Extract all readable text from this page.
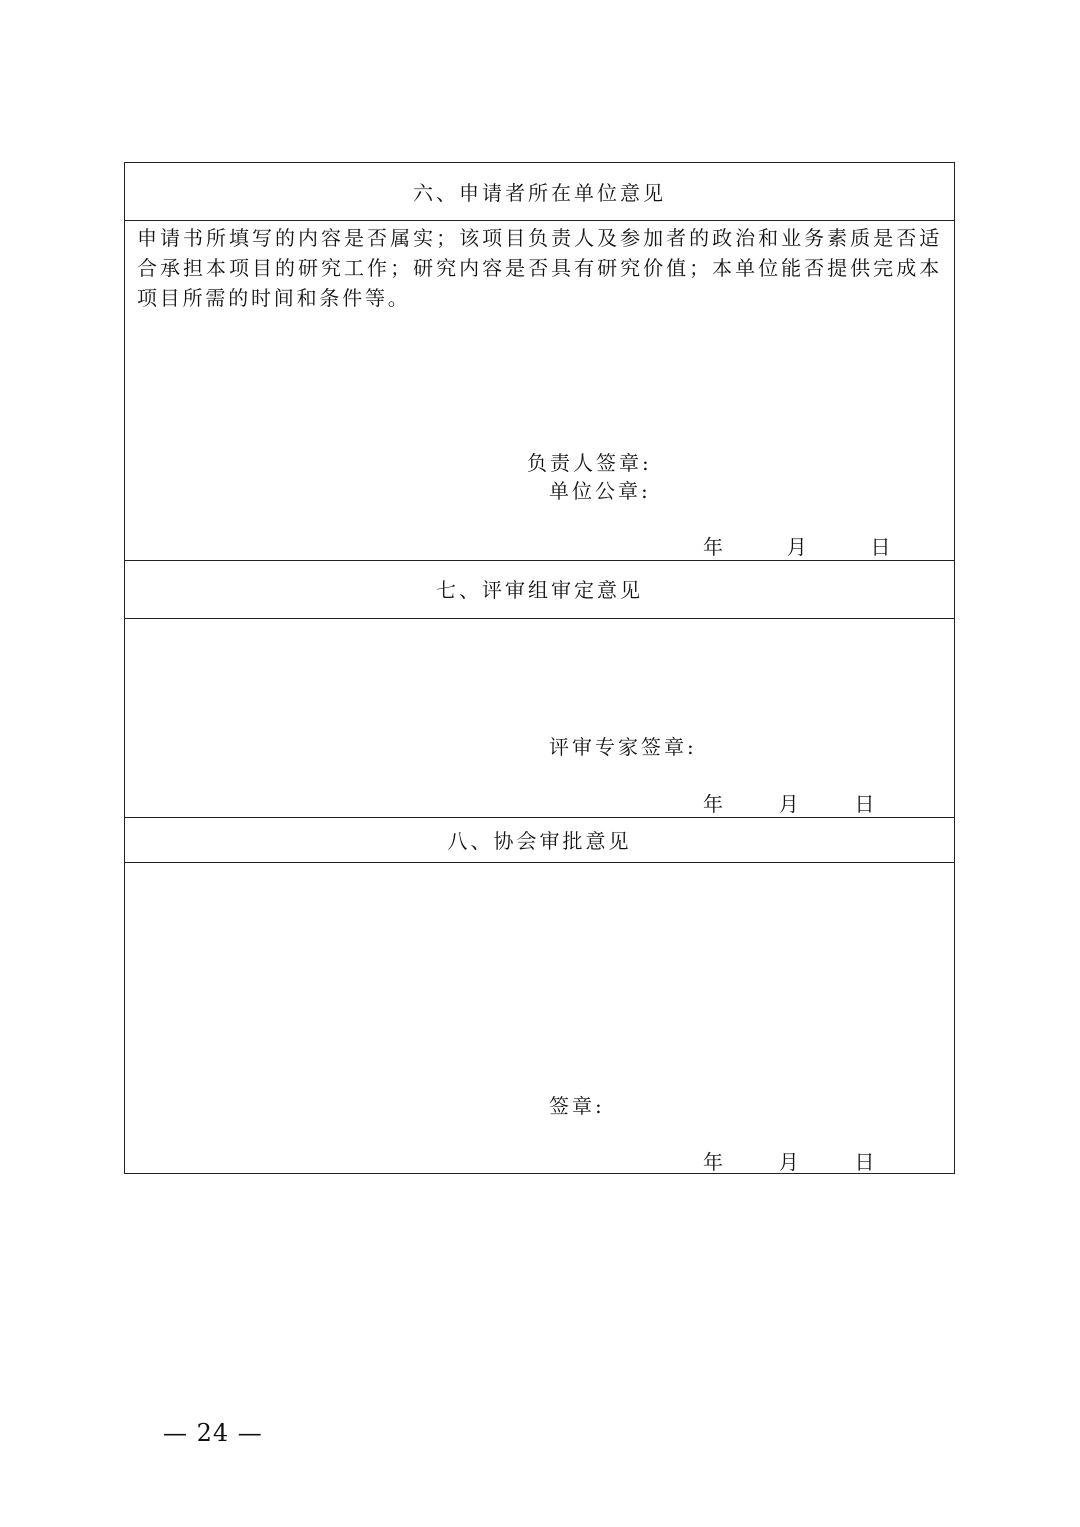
六、申请者所在单位意见
申请书所填写的内容是否属实；该项目负责人及参加者的政治和业务素质是否适合承担本项目的研究工作；研究内容是否具有研究价值；本单位能否提供完成本项目所需的时间和条件等。
负责人签章:
单位公章:
年	月	日
七、评审组审定意见
评审专家签章:
年	月	日
八、协会审批意见
签章:
年	月	日
— 24 —
